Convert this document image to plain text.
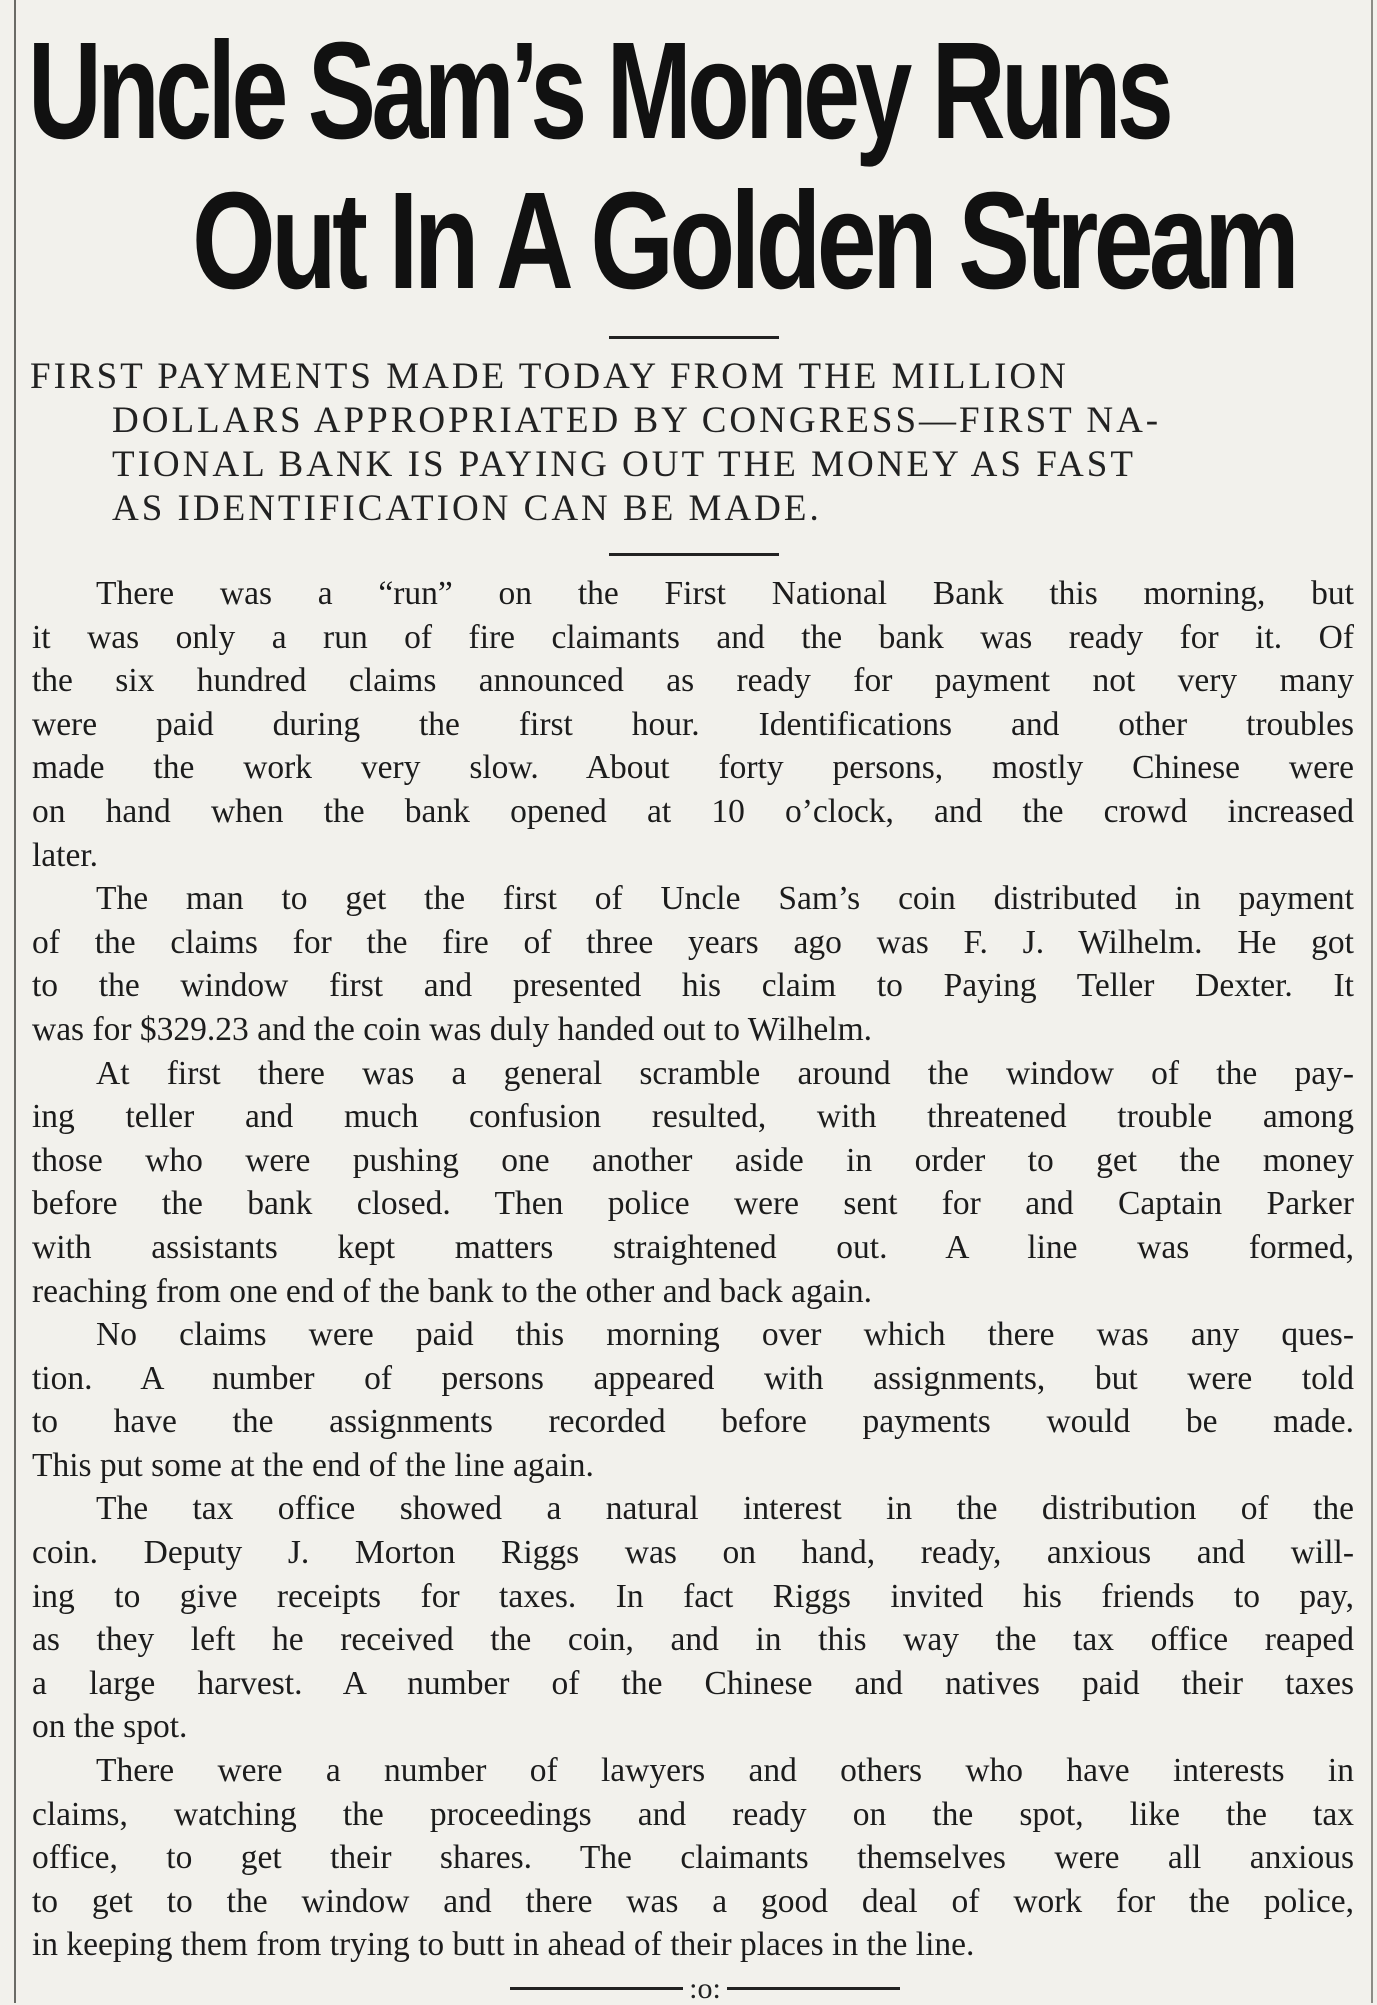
Uncle Sam’s Money Runs
Out In A Golden Stream
FIRST PAYMENTS MADE TODAY FROM THE MILLION
DOLLARS APPROPRIATED BY CONGRESS—FIRST NA-
TIONAL BANK IS PAYING OUT THE MONEY AS FAST
AS IDENTIFICATION CAN BE MADE.
There was a “run” on the First National Bank this morning, but
it was only a run of fire claimants and the bank was ready for it. Of
the six hundred claims announced as ready for payment not very many
were paid during the first hour. Identifications and other troubles
made the work very slow. About forty persons, mostly Chinese were
on hand when the bank opened at 10 o’clock, and the crowd increased
later.
The man to get the first of Uncle Sam’s coin distributed in payment
of the claims for the fire of three years ago was F. J. Wilhelm. He got
to the window first and presented his claim to Paying Teller Dexter. It
was for $329.23 and the coin was duly handed out to Wilhelm.
At first there was a general scramble around the window of the pay-
ing teller and much confusion resulted, with threatened trouble among
those who were pushing one another aside in order to get the money
before the bank closed. Then police were sent for and Captain Parker
with assistants kept matters straightened out. A line was formed,
reaching from one end of the bank to the other and back again.
No claims were paid this morning over which there was any ques-
tion. A number of persons appeared with assignments, but were told
to have the assignments recorded before payments would be made.
This put some at the end of the line again.
The tax office showed a natural interest in the distribution of the
coin. Deputy J. Morton Riggs was on hand, ready, anxious and will-
ing to give receipts for taxes. In fact Riggs invited his friends to pay,
as they left he received the coin, and in this way the tax office reaped
a large harvest. A number of the Chinese and natives paid their taxes
on the spot.
There were a number of lawyers and others who have interests in
claims, watching the proceedings and ready on the spot, like the tax
office, to get their shares. The claimants themselves were all anxious
to get to the window and there was a good deal of work for the police,
in keeping them from trying to butt in ahead of their places in the line.
:o:
